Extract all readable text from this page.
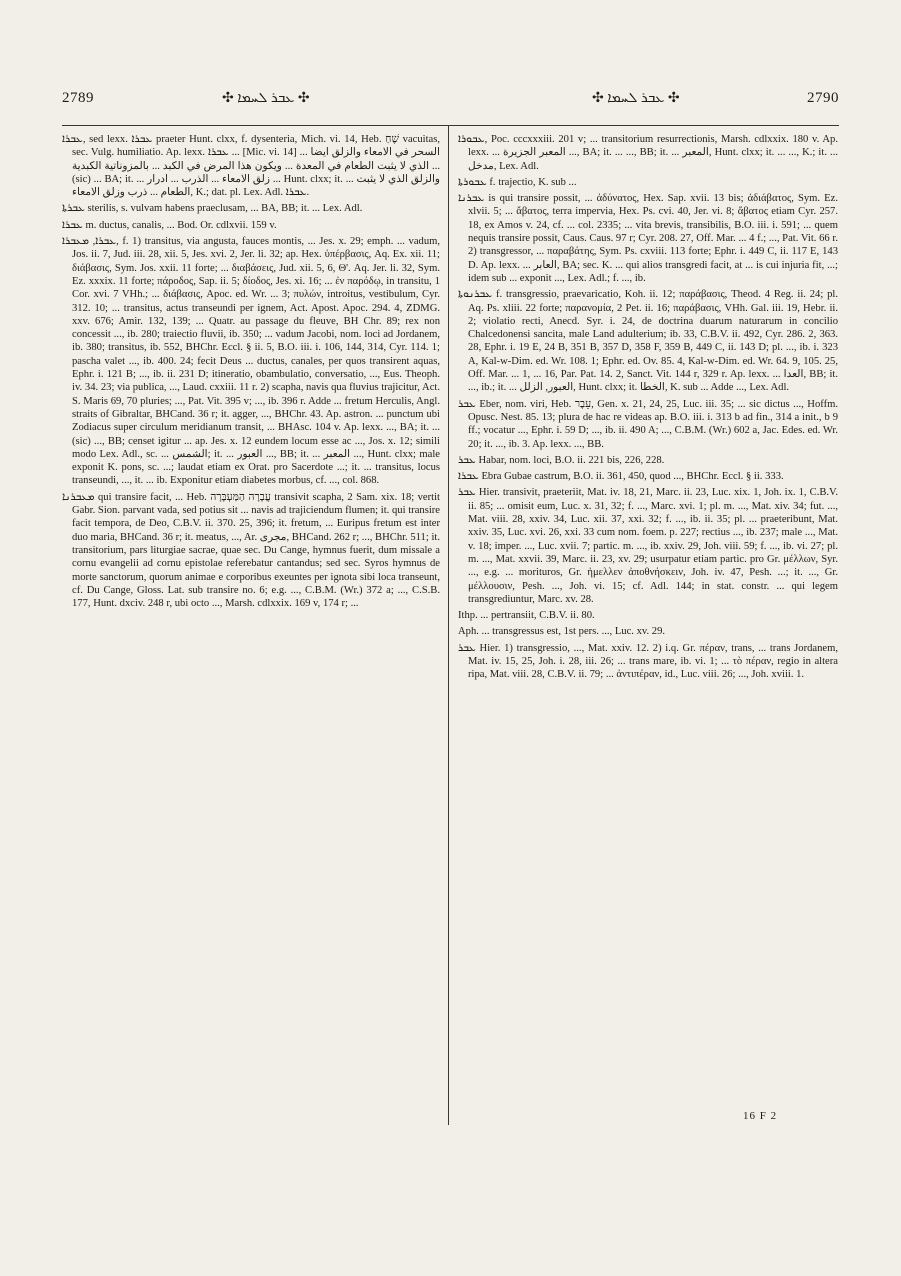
2789	✣ ܥܒܪ ܠܚܡܐ ✣	✣ ܥܒܪ ܠܚܡܐ ✣	2790

ܥܒܪܐ, sed lexx. ܥܒܪܐ praeter Hunt. clxx, f. dysenteria, Mich. vi. 14, Heb. שֶׁחַ vacuitas, sec. Vulg. humiliatio. Ap. lexx. ܥܒܪܐ ... [Mic. vi. 14] ... السحر في الامعاء والزلق ايضا الذي لا يثبت الطعام في المعدة ... ويكون هذا المرض في الكبد ... بالمزوناتية الكبدية ... (sic) ... BA; it. ... زلق الامعاء ... الذرب ... ادرار ... Hunt. clxx; it. ... والزلق الذي لا يثبت الطعام ... ذرب وزلق الامعاء, K.; dat. pl. Lex. Adl. ܥܒܪܐ.

ܥܒܪܬܐ sterilis, s. vulvam habens praeclusam, ... BA, BB; it. ... Lex. Adl.

ܥܒܪܐ m. ductus, canalis, ... Bod. Or. cdlxvii. 159 v.

ܥܒܪܐ, ܡܥܒܪܐ, f. 1) transitus, via angusta, fauces montis, ... Jes. x. 29; emph. ... vadum, Jos. ii. 7, Jud. iii. 28, xii. 5, Jes. xvi. 2, Jer. li. 32; ap. Hex. ὑπέρβασις, Aq. Ex. xii. 11; διάβασις, Sym. Jos. xxii. 11 forte; ... διαβάσεις, Jud. xii. 5, 6, Θ'. Aq. Jer. li. 32, Sym. Ez. xxxix. 11 forte; πάροδος, Sap. ii. 5; δίοδος, Jes. xi. 16; ... ἐν παρόδῳ, in transitu, 1 Cor. xvi. 7 VHh.; ... διάβασις, Apoc. ed. Wr. ... 3; πυλών, introitus, vestibulum, Cyr. 312. 10; ... transitus, actus transeundi per ignem, Act. Apost. Apoc. 294. 4, ZDMG. xxv. 676; Amir. 132, 139; ... Quatr. au passage du fleuve, BH Chr. 89; rex non concessit ..., ib. 280; traiectio fluvii, ib. 350; ... vadum Jacobi, nom. loci ad Jordanem, ib. 380; transitus, ib. 552, BHChr. Eccl. § ii. 5, B.O. iii. i. 106, 144, 314, Cyr. 114. 1; pascha valet ..., ib. 400. 24; fecit Deus ... ductus, canales, per quos transirent aquas, Ephr. i. 121 B; ..., ib. ii. 231 D; itineratio, obambulatio, conversatio, ..., Eus. Theoph. iv. 34. 23; via publica, ..., Laud. cxxiii. 11 r. 2) scapha, navis qua fluvius trajicitur, Act. S. Maris 69, 70 pluries; ..., Pat. Vit. 395 v; ..., ib. 396 r. Adde ... fretum Herculis, Angl. straits of Gibraltar, BHCand. 36 r; it. agger, ..., BHChr. 43. Ap. astron. ... punctum ubi Zodiacus super circulum meridianum transit, ... BHAsc. 104 v. Ap. lexx. ..., BA; it. ... (sic) ..., BB; censet igitur ... ap. Jes. x. 12 eundem locum esse ac ..., Jos. x. 12; simili modo Lex. Adl., sc. ... الشمس; it. ... العبور ..., BB; it. ... المعبر ..., Hunt. clxx; male exponit K. pons, sc. ...; laudat etiam ex Orat. pro Sacerdote ...; it. ... transitus, locus transeundi, ..., it. ... ib. Exponitur etiam diabetes morbus, cf. ..., col. 868.

ܡܥܒܪܢܐ qui transire facit, ... Heb. עֲבָרָה הַמַּעְבָּרָה transivit scapha, 2 Sam. xix. 18; vertit Gabr. Sion. parvant vada, sed potius sit ... navis ad trajiciendum flumen; it. qui transire facit tempora, de Deo, C.B.V. ii. 370. 25, 396; it. fretum, ... Euripus fretum est inter duo maria, BHCand. 36 r; it. meatus, ..., Ar. مجرى, BHCand. 262 r; ..., BHChr. 511; it. transitorium, pars liturgiae sacrae, quae sec. Du Cange, hymnus fuerit, dum missale a cornu evangelii ad cornu epistolae referebatur cantandus; sed sec. Syros hymnus de morte sanctorum, quorum animae e corporibus exeuntes per ignota sibi loca transeunt, cf. Du Cange, Gloss. Lat. sub transire no. 6; e.g. ..., C.B.M. (Wr.) 372 a; ..., C.S.B. 177, Hunt. dxciv. 248 r, ubi octo ..., Marsh. cdlxxix. 169 v, 174 r; ...

ܥܒܘܪܐ, Poc. cccxxxiii. 201 v; ... transitorium resurrectionis, Marsh. cdlxxix. 180 v. Ap. lexx. ... المعبر الجزيرة ..., BA; it. ... ..., BB; it. ... المعبر, Hunt. clxx; it. ... ..., K.; it. ... مدخل, Lex. Adl.

ܥܒܘܪܬܐ f. trajectio, K. sub ...

ܥܒܪܢܐ is qui transire possit, ... ἀδύνατος, Hex. Sap. xvii. 13 bis; ἀδιάβατος, Sym. Ez. xlvii. 5; ... ἄβατος, terra impervia, Hex. Ps. cvi. 40, Jer. vi. 8; ἄβατος etiam Cyr. 257. 18, ex Amos v. 24, cf. ... col. 2335; ... vita brevis, transibilis, B.O. iii. i. 591; ... quem nequis transire possit, Caus. Caus. 97 r; Cyr. 208. 27, Off. Mar. ... 4 f.; ..., Pat. Vit. 66 r. 2) transgressor, ... παραβάτης, Sym. Ps. cxviii. 113 forte; Ephr. i. 449 C, ii. 117 E, 143 D. Ap. lexx. ... العابر, BA; sec. K. ... qui alios transgredi facit, at ... is cui injuria fit, ...; idem sub ... exponit ..., Lex. Adl.; f. ..., ib.

ܥܒܪܢܘܬܐ f. transgressio, praevaricatio, Koh. ii. 12; παράβασις, Theod. 4 Reg. ii. 24; pl. Aq. Ps. xliii. 22 forte; παρανομία, 2 Pet. ii. 16; παράβασις, VHh. Gal. iii. 19, Hebr. ii. 2; violatio recti, Anecd. Syr. i. 24, de doctrina duarum naturarum in concilio Chalcedonensi sancita, male Land adulterium; ib. 33, C.B.V. ii. 492, Cyr. 286. 2, 363. 28, Ephr. i. 19 E, 24 B, 351 B, 357 D, 358 F, 359 B, 449 C, ii. 143 D; pl. ..., ib. i. 323 A, Kal-w-Dim. ed. Wr. 108. 1; Ephr. ed. Ov. 85. 4, Kal-w-Dim. ed. Wr. 64. 9, 105. 25, Off. Mar. ... 1, ... 16, Par. Pat. 14. 2, Sanct. Vit. 144 r, 329 r. Ap. lexx. ... العدا, BB; it. ..., ib.; it. ... العبور, الزلل, Hunt. clxx; it. الخطا, K. sub ... Adde ..., Lex. Adl.

ܥܒܪ Eber, nom. viri, Heb. עֵבֶר, Gen. x. 21, 24, 25, Luc. iii. 35; ... sic dictus ..., Hoffm. Opusc. Nest. 85. 13; plura de hac re videas ap. B.O. iii. i. 313 b ad fin., 314 a init., b 9 ff.; vocatur ..., Ephr. i. 59 D; ..., ib. ii. 490 A; ..., C.B.M. (Wr.) 602 a, Jac. Edes. ed. Wr. 20; it. ..., ib. 3. Ap. lexx. ..., BB.

ܥܒܪ Habar, nom. loci, B.O. ii. 221 bis, 226, 228.

ܥܒܪܐ Ebra Gubae castrum, B.O. ii. 361, 450, quod ..., BHChr. Eccl. § ii. 333.

ܥܒܪ Hier. transivit, praeteriit, Mat. iv. 18, 21, Marc. ii. 23, Luc. xix. 1, Joh. ix. 1, C.B.V. ii. 85; ... omisit eum, Luc. x. 31, 32; f. ..., Marc. xvi. 1; pl. m. ..., Mat. xiv. 34; fut. ..., Mat. viii. 28, xxiv. 34, Luc. xii. 37, xxi. 32; f. ..., ib. ii. 35; pl. ... praeteribunt, Mat. xxiv. 35, Luc. xvi. 26, xxi. 33 cum nom. foem. p. 227; rectius ..., ib. 237; male ..., Mat. v. 18; imper. ..., Luc. xvii. 7; partic. m. ..., ib. xxiv. 29, Joh. viii. 59; f. ..., ib. vi. 27; pl. m. ..., Mat. xxvii. 39, Marc. ii. 23, xv. 29; usurpatur etiam partic. pro Gr. μέλλων, Syr. ..., e.g. ... morituros, Gr. ἠμελλεν ἀποθνήσκειν, Joh. iv. 47, Pesh. ...; it. ..., Gr. μέλλουσιν, Pesh. ..., Joh. vi. 15; cf. Adl. 144; in stat. constr. ... qui legem transgrediuntur, Marc. xv. 28.

Ithp. ... pertransiit, C.B.V. ii. 80.

Aph. ... transgressus est, 1st pers. ..., Luc. xv. 29.

ܥܒܪ Hier. 1) transgressio, ..., Mat. xxiv. 12. 2) i.q. Gr. πέραν, trans, ... trans Jordanem, Mat. iv. 15, 25, Joh. i. 28, iii. 26; ... trans mare, ib. vi. 1; ... τὸ πέραν, regio in altera ripa, Mat. viii. 28, C.B.V. ii. 79; ... ἀντιπέραν, id., Luc. viii. 26; ..., Joh. xviii. 1.

16 F 2
